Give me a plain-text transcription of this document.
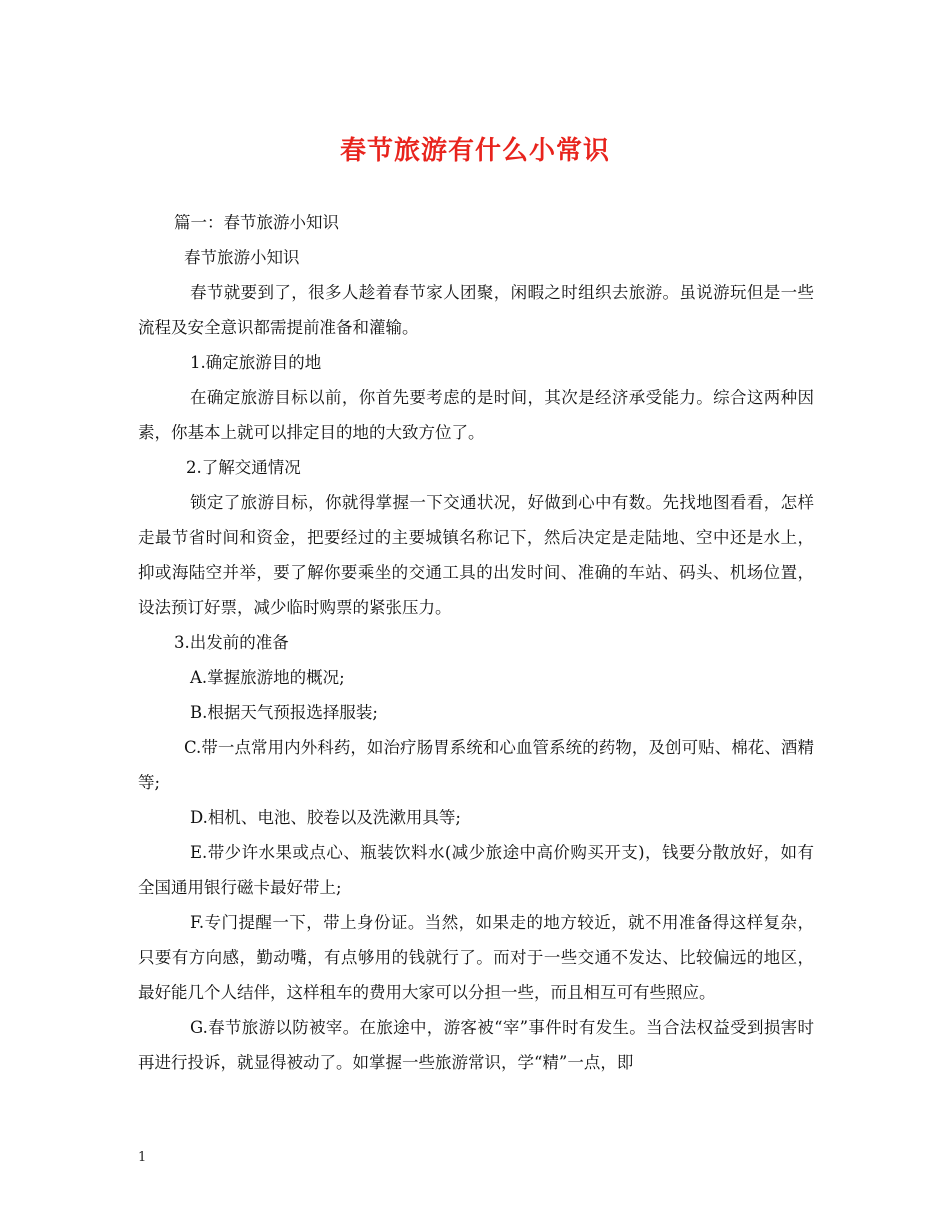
春节旅游有什么小常识

篇一：春节旅游小知识

春节旅游小知识

春节就要到了，很多人趁着春节家人团聚，闲暇之时组织去旅游。虽说游玩但是一些流程及安全意识都需提前准备和灌输。

1.确定旅游目的地

在确定旅游目标以前，你首先要考虑的是时间，其次是经济承受能力。综合这两种因素，你基本上就可以排定目的地的大致方位了。

2.了解交通情况

锁定了旅游目标，你就得掌握一下交通状况，好做到心中有数。先找地图看看，怎样走最节省时间和资金，把要经过的主要城镇名称记下，然后决定是走陆地、空中还是水上，抑或海陆空并举，要了解你要乘坐的交通工具的出发时间、准确的车站、码头、机场位置，设法预订好票，减少临时购票的紧张压力。

3.出发前的准备

A.掌握旅游地的概况;

B.根据天气预报选择服装;

C.带一点常用内外科药，如治疗肠胃系统和心血管系统的药物，及创可贴、棉花、酒精等;

D.相机、电池、胶卷以及洗漱用具等;

E.带少许水果或点心、瓶装饮料水(减少旅途中高价购买开支)，钱要分散放好，如有全国通用银行磁卡最好带上;

F.专门提醒一下，带上身份证。当然，如果走的地方较近，就不用准备得这样复杂，只要有方向感，勤动嘴，有点够用的钱就行了。而对于一些交通不发达、比较偏远的地区，最好能几个人结伴，这样租车的费用大家可以分担一些，而且相互可有些照应。

G.春节旅游以防被宰。在旅途中，游客被“宰”事件时有发生。当合法权益受到损害时再进行投诉，就显得被动了。如掌握一些旅游常识，学“精”一点，即

1
